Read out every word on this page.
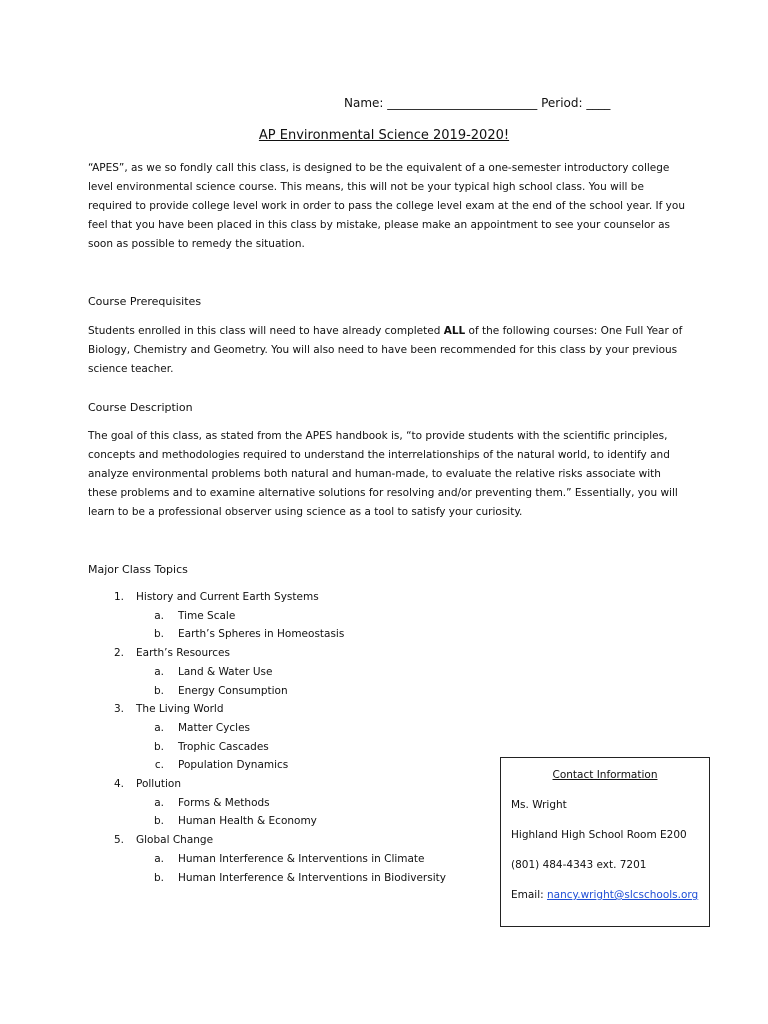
Name: _________________________ Period: ____
AP Environmental Science 2019-2020!

“APES”, as we so fondly call this class, is designed to be the equivalent of a one-semester introductory college level environmental science course. This means, this will not be your typical high school class. You will be required to provide college level work in order to pass the college level exam at the end of the school year. If you feel that you have been placed in this class by mistake, please make an appointment to see your counselor as soon as possible to remedy the situation.

Course Prerequisites

Students enrolled in this class will need to have already completed ALL of the following courses: One Full Year of Biology, Chemistry and Geometry. You will also need to have been recommended for this class by your previous science teacher.

Course Description

The goal of this class, as stated from the APES handbook is, “to provide students with the scientific principles, concepts and methodologies required to understand the interrelationships of the natural world, to identify and analyze environmental problems both natural and human-made, to evaluate the relative risks associate with these problems and to examine alternative solutions for resolving and/or preventing them.” Essentially, you will learn to be a professional observer using science as a tool to satisfy your curiosity.

Major Class Topics

1.	History and Current Earth Systems
a.	Time Scale
b.	Earth’s Spheres in Homeostasis
2.	Earth’s Resources
a.	Land & Water Use
b.	Energy Consumption
3.	The Living World
a.	Matter Cycles
b.	Trophic Cascades
c.	Population Dynamics
4.	Pollution
a.	Forms & Methods
b.	Human Health & Economy
5.	Global Change
a.	Human Interference & Interventions in Climate
b.	Human Interference & Interventions in Biodiversity
Contact Information
Ms. Wright
Highland High School Room E200
(801) 484-4343 ext. 7201
Email: nancy.wright@slcschools.org
